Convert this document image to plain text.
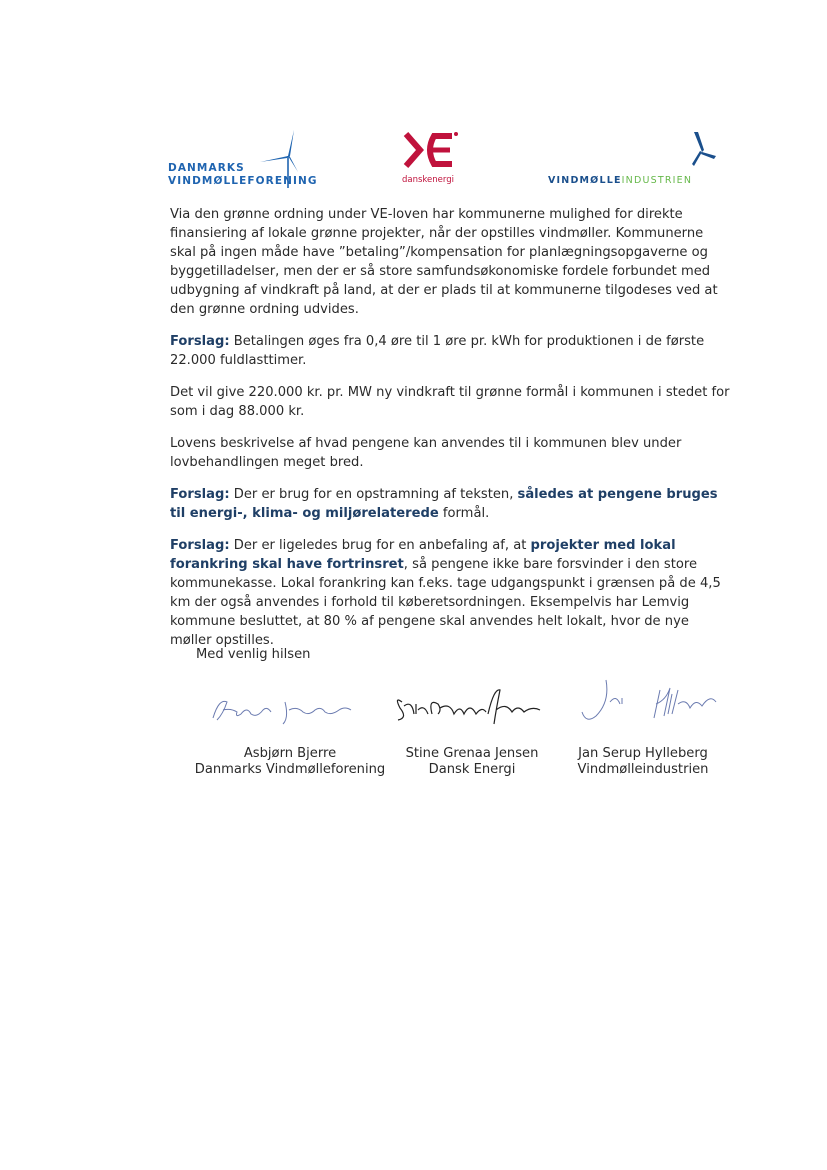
DANMARKS
VINDMØLLEFORENING	danskenergi	VINDMØLLEINDUSTRIEN

Via den grønne ordning under VE-loven har kommunerne mulighed for direkte finansiering af lokale grønne projekter, når der opstilles vindmøller. Kommunerne skal på ingen måde have ”betaling”/kompensation for planlægningsopgaverne og byggetilladelser, men der er så store samfundsøkonomiske fordele forbundet med udbygning af vindkraft på land, at der er plads til at kommunerne tilgodeses ved at den grønne ordning udvides.

Forslag: Betalingen øges fra 0,4 øre til 1 øre pr. kWh for produktionen i de første 22.000 fuldlasttimer.

Det vil give 220.000 kr. pr. MW ny vindkraft til grønne formål i kommunen i stedet for som i dag 88.000 kr.

Lovens beskrivelse af hvad pengene kan anvendes til i kommunen blev under lovbehandlingen meget bred.

Forslag: Der er brug for en opstramning af teksten, således at pengene bruges til energi-, klima- og miljørelaterede formål.

Forslag: Der er ligeledes brug for en anbefaling af, at projekter med lokal forankring skal have fortrinsret, så pengene ikke bare forsvinder i den store kommunekasse. Lokal forankring kan f.eks. tage udgangspunkt i grænsen på de 4,5 km der også anvendes i forhold til køberetsordningen. Eksempelvis har Lemvig kommune besluttet, at 80 % af pengene skal anvendes helt lokalt, hvor de nye møller opstilles.

Med venlig hilsen
Asbjørn Bjerre
Danmarks Vindmølleforening
Stine Grenaa Jensen
Dansk Energi
Jan Serup Hylleberg
Vindmølleindustrien
